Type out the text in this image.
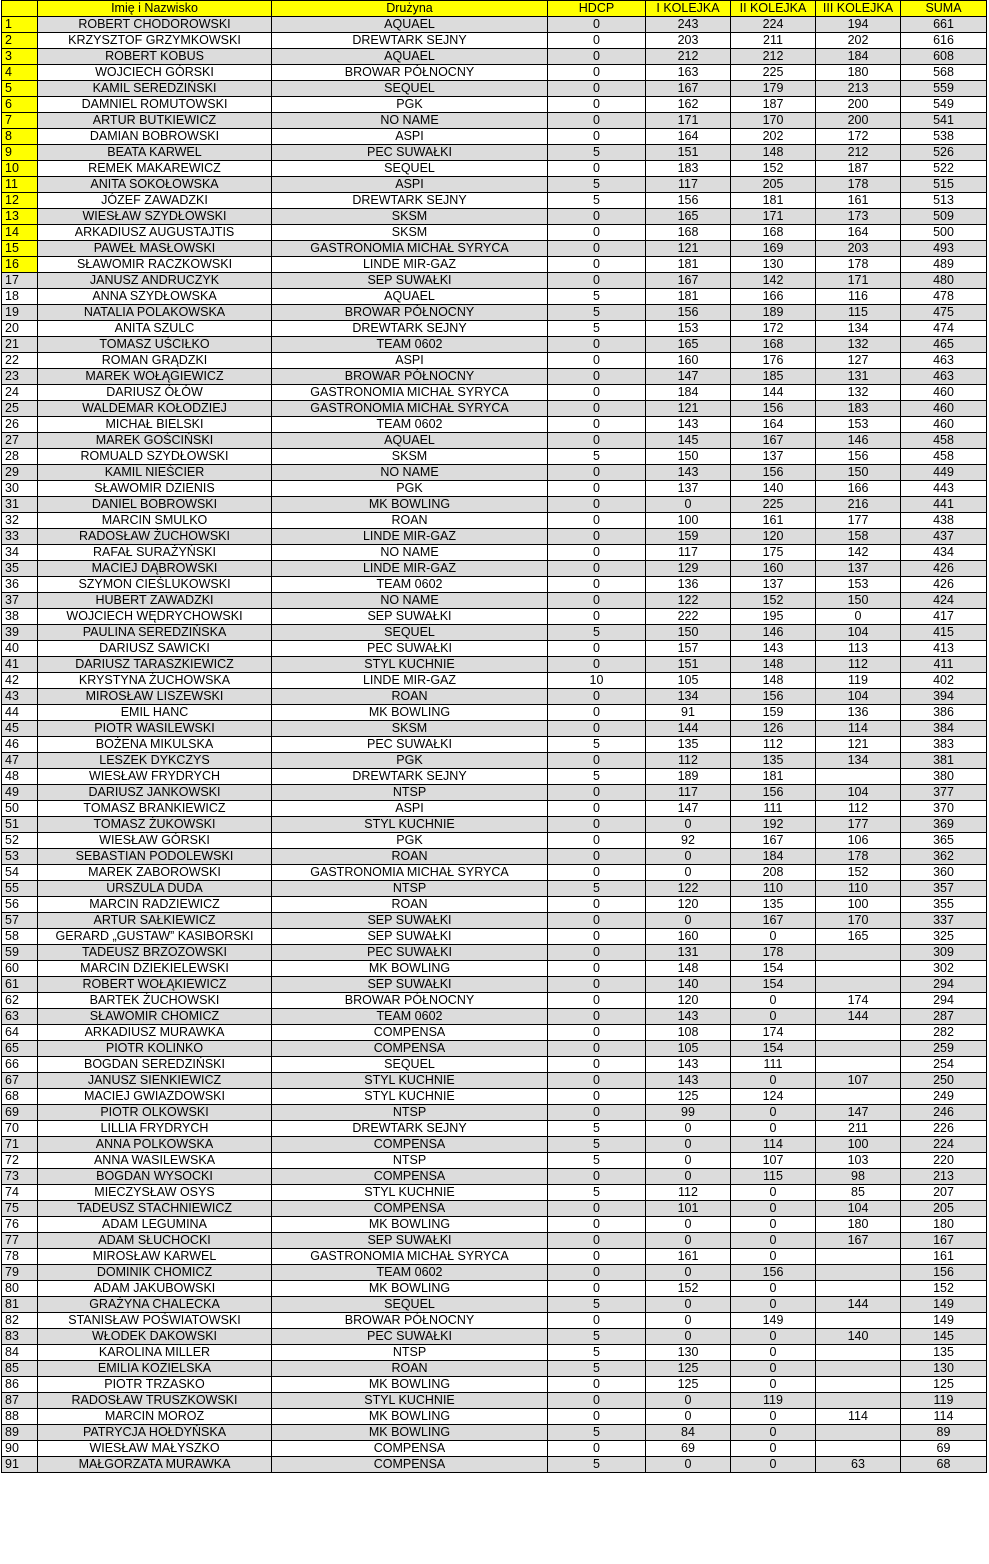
	Imię i Nazwisko	Drużyna	HDCP	I KOLEJKA	II KOLEJKA	III KOLEJKA	SUMA
1	ROBERT CHODOROWSKI	AQUAEL	0	243	224	194	661
2	KRZYSZTOF GRZYMKOWSKI	DREWTARK SEJNY	0	203	211	202	616
3	ROBERT KOBUS	AQUAEL	0	212	212	184	608
4	WOJCIECH GÓRSKI	BROWAR PÓŁNOCNY	0	163	225	180	568
5	KAMIL SEREDZIŃSKI	SEQUEL	0	167	179	213	559
6	DAMNIEL ROMUTOWSKI	PGK	0	162	187	200	549
7	ARTUR BUTKIEWICZ	NO NAME	0	171	170	200	541
8	DAMIAN BOBROWSKI	ASPI	0	164	202	172	538
9	BEATA KARWEL	PEC SUWAŁKI	5	151	148	212	526
10	REMEK MAKAREWICZ	SEQUEL	0	183	152	187	522
11	ANITA SOKOŁOWSKA	ASPI	5	117	205	178	515
12	JÓZEF ZAWADZKI	DREWTARK SEJNY	5	156	181	161	513
13	WIESŁAW SZYDŁOWSKI	SKSM	0	165	171	173	509
14	ARKADIUSZ AUGUSTAJTIS	SKSM	0	168	168	164	500
15	PAWEŁ MASŁOWSKI	GASTRONOMIA MICHAŁ SYRYCA	0	121	169	203	493
16	SŁAWOMIR RACZKOWSKI	LINDE MIR-GAZ	0	181	130	178	489
17	JANUSZ ANDRUCZYK	SEP SUWAŁKI	0	167	142	171	480
18	ANNA SZYDŁOWSKA	AQUAEL	5	181	166	116	478
19	NATALIA POLAKOWSKA	BROWAR PÓŁNOCNY	5	156	189	115	475
20	ANITA SZULC	DREWTARK SEJNY	5	153	172	134	474
21	TOMASZ UŚCIŁKO	TEAM 0602	0	165	168	132	465
22	ROMAN GRĄDZKI	ASPI	0	160	176	127	463
23	MAREK WOŁĄGIEWICZ	BROWAR PÓŁNOCNY	0	147	185	131	463
24	DARIUSZ ÓŁÓW	GASTRONOMIA MICHAŁ SYRYCA	0	184	144	132	460
25	WALDEMAR KOŁODZIEJ	GASTRONOMIA MICHAŁ SYRYCA	0	121	156	183	460
26	MICHAŁ BIELSKI	TEAM 0602	0	143	164	153	460
27	MAREK GOŚCIŃSKI	AQUAEL	0	145	167	146	458
28	ROMUALD SZYDŁOWSKI	SKSM	5	150	137	156	458
29	KAMIL NIEŚCIER	NO NAME	0	143	156	150	449
30	SŁAWOMIR DZIENIS	PGK	0	137	140	166	443
31	DANIEL BOBROWSKI	MK BOWLING	0	0	225	216	441
32	MARCIN SMULKO	ROAN	0	100	161	177	438
33	RADOSŁAW ŻUCHOWSKI	LINDE MIR-GAZ	0	159	120	158	437
34	RAFAŁ SURAŻYŃSKI	NO NAME	0	117	175	142	434
35	MACIEJ DĄBROWSKI	LINDE MIR-GAZ	0	129	160	137	426
36	SZYMON CIEŚLUKOWSKI	TEAM 0602	0	136	137	153	426
37	HUBERT ZAWADZKI	NO NAME	0	122	152	150	424
38	WOJCIECH WĘDRYCHOWSKI	SEP SUWAŁKI	0	222	195	0	417
39	PAULINA SEREDZIŃSKA	SEQUEL	5	150	146	104	415
40	DARIUSZ SAWICKI	PEC SUWAŁKI	0	157	143	113	413
41	DARIUSZ TARASZKIEWICZ	STYL KUCHNIE	0	151	148	112	411
42	KRYSTYNA ŻUCHOWSKA	LINDE MIR-GAZ	10	105	148	119	402
43	MIROSŁAW LISZEWSKI	ROAN	0	134	156	104	394
44	EMIL HANC	MK BOWLING	0	91	159	136	386
45	PIOTR WASILEWSKI	SKSM	0	144	126	114	384
46	BOŻENA MIKULSKA	PEC SUWAŁKI	5	135	112	121	383
47	LESZEK DYKCZYS	PGK	0	112	135	134	381
48	WIESŁAW FRYDRYCH	DREWTARK SEJNY	5	189	181		380
49	DARIUSZ JANKOWSKI	NTSP	0	117	156	104	377
50	TOMASZ BRANKIEWICZ	ASPI	0	147	111	112	370
51	TOMASZ ŻUKOWSKI	STYL KUCHNIE	0	0	192	177	369
52	WIESŁAW GÓRSKI	PGK	0	92	167	106	365
53	SEBASTIAN PODOLEWSKI	ROAN	0	0	184	178	362
54	MAREK ZABOROWSKI	GASTRONOMIA MICHAŁ SYRYCA	0	0	208	152	360
55	URSZULA DUDA	NTSP	5	122	110	110	357
56	MARCIN RADZIEWICZ	ROAN	0	120	135	100	355
57	ARTUR SAŁKIEWICZ	SEP SUWAŁKI	0	0	167	170	337
58	GERARD „GUSTAW” KASIBORSKI	SEP SUWAŁKI	0	160	0	165	325
59	TADEUSZ BRZOZOWSKI	PEC SUWAŁKI	0	131	178		309
60	MARCIN DZIEKIELEWSKI	MK BOWLING	0	148	154		302
61	ROBERT WOŁĄKIEWICZ	SEP SUWAŁKI	0	140	154		294
62	BARTEK ŻUCHOWSKI	BROWAR PÓŁNOCNY	0	120	0	174	294
63	SŁAWOMIR CHOMICZ	TEAM 0602	0	143	0	144	287
64	ARKADIUSZ MURAWKA	COMPENSA	0	108	174		282
65	PIOTR KOLINKO	COMPENSA	0	105	154		259
66	BOGDAN SEREDZIŃSKI	SEQUEL	0	143	111		254
67	JANUSZ SIENKIEWICZ	STYL KUCHNIE	0	143	0	107	250
68	MACIEJ GWIAZDOWSKI	STYL KUCHNIE	0	125	124		249
69	PIOTR OLKOWSKI	NTSP	0	99	0	147	246
70	LILLIA FRYDRYCH	DREWTARK SEJNY	5	0	0	211	226
71	ANNA POLKOWSKA	COMPENSA	5	0	114	100	224
72	ANNA WASILEWSKA	NTSP	5	0	107	103	220
73	BOGDAN WYSOCKI	COMPENSA	0	0	115	98	213
74	MIECZYSŁAW OSYS	STYL KUCHNIE	5	112	0	85	207
75	TADEUSZ STACHNIEWICZ	COMPENSA	0	101	0	104	205
76	ADAM LEGUMINA	MK BOWLING	0	0	0	180	180
77	ADAM SŁUCHOCKI	SEP SUWAŁKI	0	0	0	167	167
78	MIROSŁAW KARWEL	GASTRONOMIA MICHAŁ SYRYCA	0	161	0		161
79	DOMINIK CHOMICZ	TEAM 0602	0	0	156		156
80	ADAM JAKUBOWSKI	MK BOWLING	0	152	0		152
81	GRAŻYNA CHALECKA	SEQUEL	5	0	0	144	149
82	STANISŁAW POŚWIATOWSKI	BROWAR PÓŁNOCNY	0	0	149		149
83	WŁODEK DAKOWSKI	PEC SUWAŁKI	5	0	0	140	145
84	KAROLINA MILLER	NTSP	5	130	0		135
85	EMILIA KOZIELSKA	ROAN	5	125	0		130
86	PIOTR TRZASKO	MK BOWLING	0	125	0		125
87	RADOSŁAW TRUSZKOWSKI	STYL KUCHNIE	0	0	119		119
88	MARCIN MOROZ	MK BOWLING	0	0	0	114	114
89	PATRYCJA HOŁDYŃSKA	MK BOWLING	5	84	0		89
90	WIESŁAW MAŁYSZKO	COMPENSA	0	69	0		69
91	MAŁGORZATA MURAWKA	COMPENSA	5	0	0	63	68
